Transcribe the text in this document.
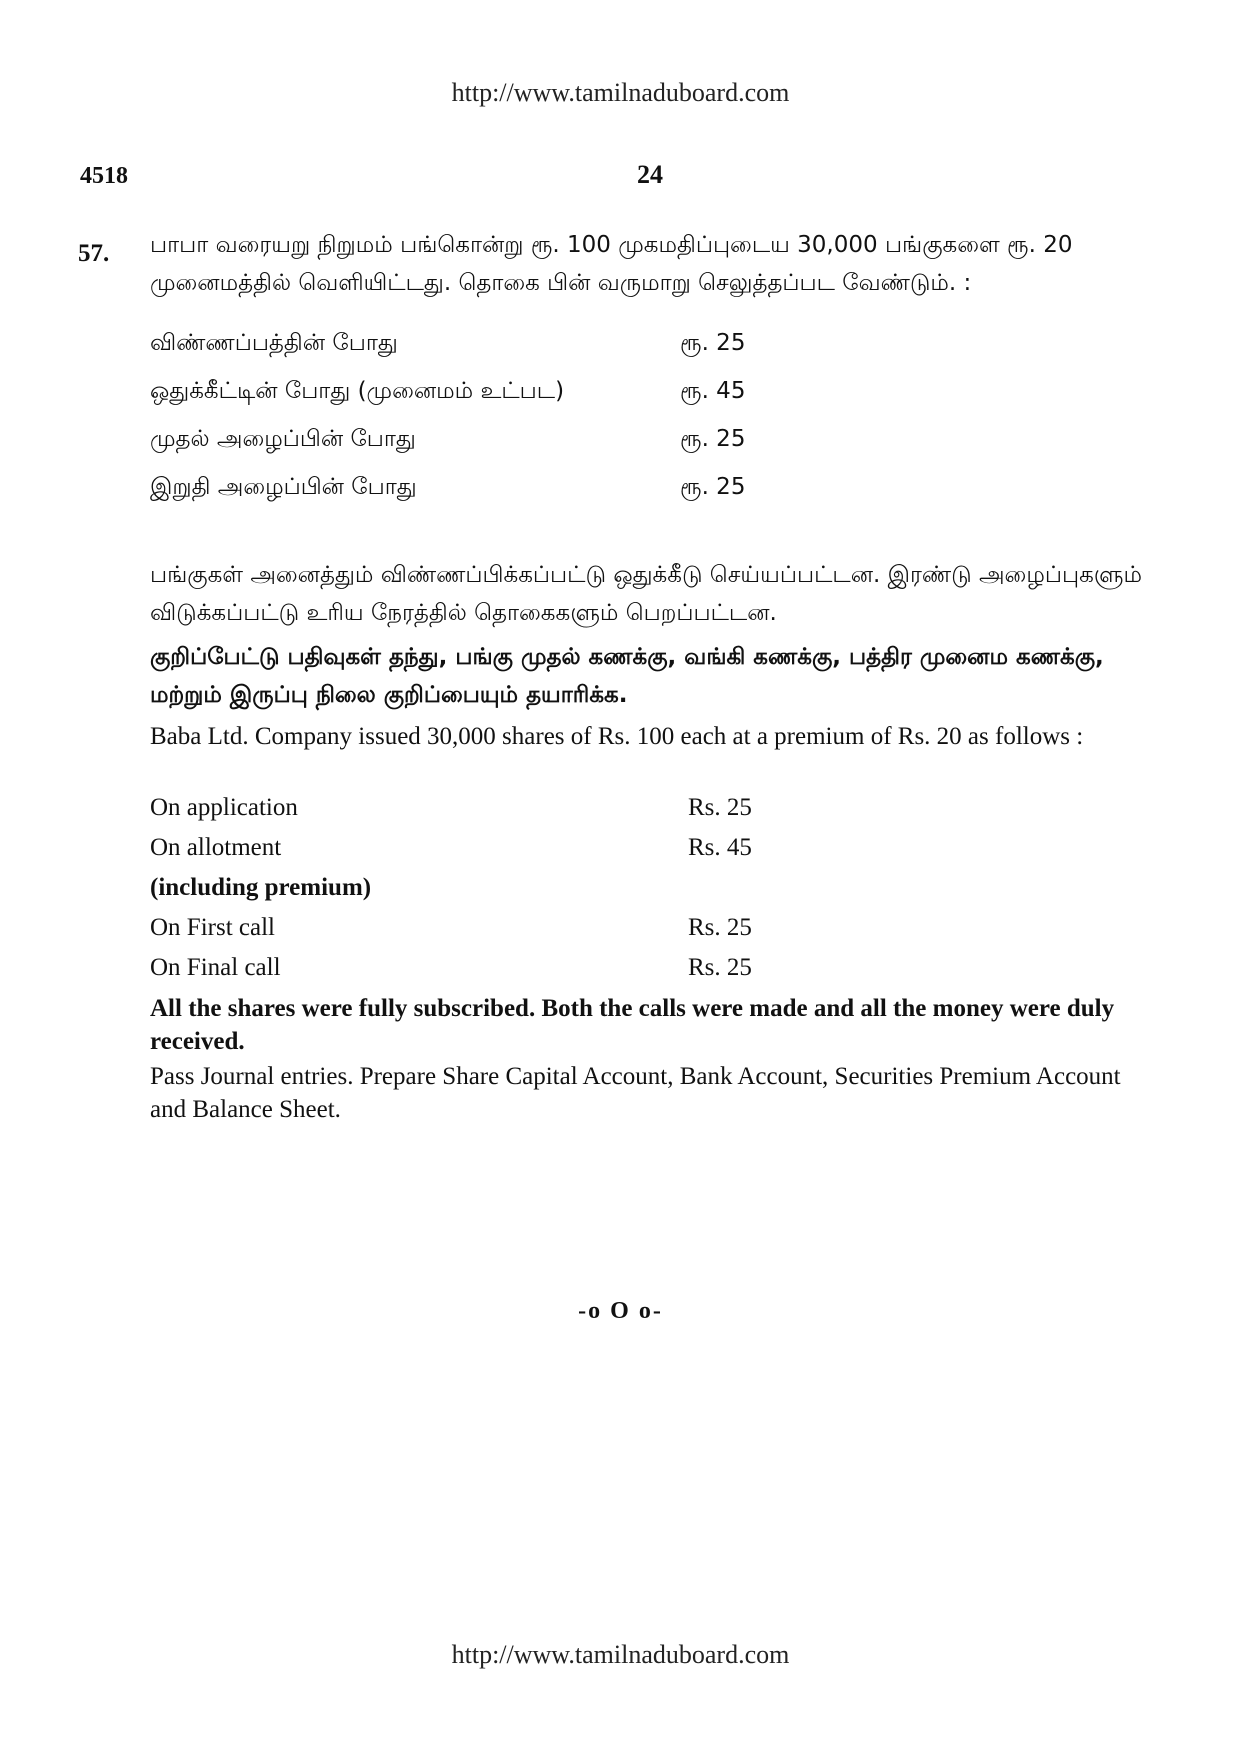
http://www.tamilnaduboard.com
4518	24
57. பாபா வரையறு நிறுமம் பங்கொன்று ரூ. 100 முகமதிப்புடைய 30,000 பங்குகளை ரூ. 20 முனைமத்தில் வெளியிட்டது. தொகை பின் வருமாறு செலுத்தப்பட வேண்டும். :
விண்ணப்பத்தின் போது	ரூ. 25
ஒதுக்கீட்டின் போது (முனைமம் உட்பட)	ரூ. 45
முதல் அழைப்பின் போது	ரூ. 25
இறுதி அழைப்பின் போது	ரூ. 25
பங்குகள் அனைத்தும் விண்ணப்பிக்கப்பட்டு ஒதுக்கீடு செய்யப்பட்டன. இரண்டு அழைப்புகளும் விடுக்கப்பட்டு உரிய நேரத்தில் தொகைகளும் பெறப்பட்டன.
குறிப்பேட்டு பதிவுகள் தந்து, பங்கு முதல் கணக்கு, வங்கி கணக்கு, பத்திர முனைம கணக்கு, மற்றும் இருப்பு நிலை குறிப்பையும் தயாரிக்க.
Baba Ltd. Company issued 30,000 shares of Rs. 100 each at a premium of Rs. 20 as follows :
On application	Rs. 25
On allotment	Rs. 45
(including premium)
On First call	Rs. 25
On Final call	Rs. 25
All the shares were fully subscribed. Both the calls were made and all the money were duly received.
Pass Journal entries. Prepare Share Capital Account, Bank Account, Securities Premium Account and Balance Sheet.
-o O o-
http://www.tamilnaduboard.com
